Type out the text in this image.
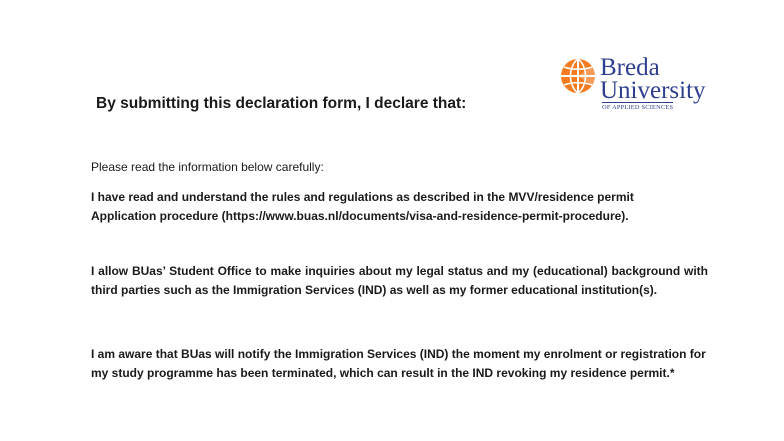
Breda
University
OF APPLIED SCIENCES
By submitting this declaration form, I declare that:
Please read the information below carefully:
I have read and understand the rules and regulations as described in the MVV/residence permit Application procedure (https://www.buas.nl/documents/visa-and-residence-permit-procedure).
I allow BUas’ Student Office to make inquiries about my legal status and my (educational) background with third parties such as the Immigration Services (IND) as well as my former educational institution(s).
I am aware that BUas will notify the Immigration Services (IND) the moment my enrolment or registration for my study programme has been terminated, which can result in the IND revoking my residence permit.*
